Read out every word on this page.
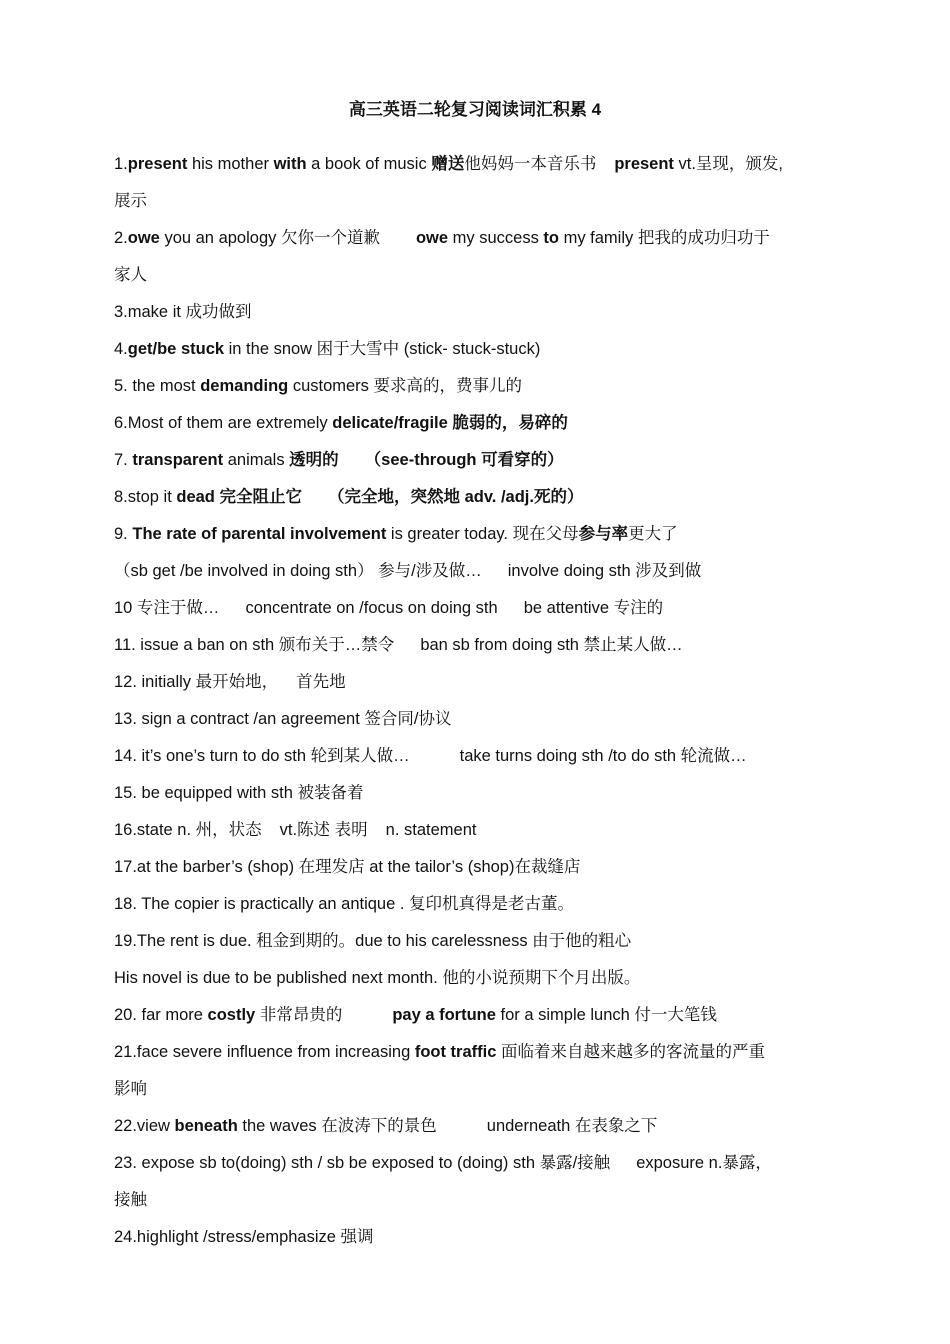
高三英语二轮复习阅读词汇积累 4
1.present his mother with a book of music 赠送他妈妈一本音乐书 present vt.呈现，颁发,
展示
2.owe you an apology 欠你一个道歉 owe my success to my family 把我的成功归功于
家人
3.make it 成功做到
4.get/be stuck in the snow 困于大雪中 (stick- stuck-stuck)
5. the most demanding customers 要求高的，费事儿的
6.Most of them are extremely delicate/fragile 脆弱的，易碎的
7. transparent animals 透明的 （see-through 可看穿的）
8.stop it dead 完全阻止它 （完全地，突然地 adv. /adj.死的）
9. The rate of parental involvement is greater today. 现在父母参与率更大了
（sb get /be involved in doing sth） 参与/涉及做… involve doing sth 涉及到做
10 专注于做… concentrate on /focus on doing sth be attentive 专注的
11. issue a ban on sth 颁布关于…禁令 ban sb from doing sth 禁止某人做…
12. initially 最开始地， 首先地
13. sign a contract /an agreement 签合同/协议
14. it’s one’s turn to do sth 轮到某人做…	take turns doing sth /to do sth 轮流做…
15. be equipped with sth 被装备着
16.state n. 州，状态 vt.陈述 表明 n. statement
17.at the barber’s (shop) 在理发店 at the tailor’s (shop)在裁缝店
18. The copier is practically an antique . 复印机真得是老古董。
19.The rent is due. 租金到期的。due to his carelessness 由于他的粗心
His novel is due to be published next month. 他的小说预期下个月出版。
20. far more costly 非常昂贵的	pay a fortune for a simple lunch 付一大笔钱
21.face severe influence from increasing foot traffic 面临着来自越来越多的客流量的严重
影响
22.view beneath the waves 在波涛下的景色	underneath 在表象之下
23. expose sb to(doing) sth / sb be exposed to (doing) sth 暴露/接触 exposure n.暴露，
接触
24.highlight /stress/emphasize 强调
